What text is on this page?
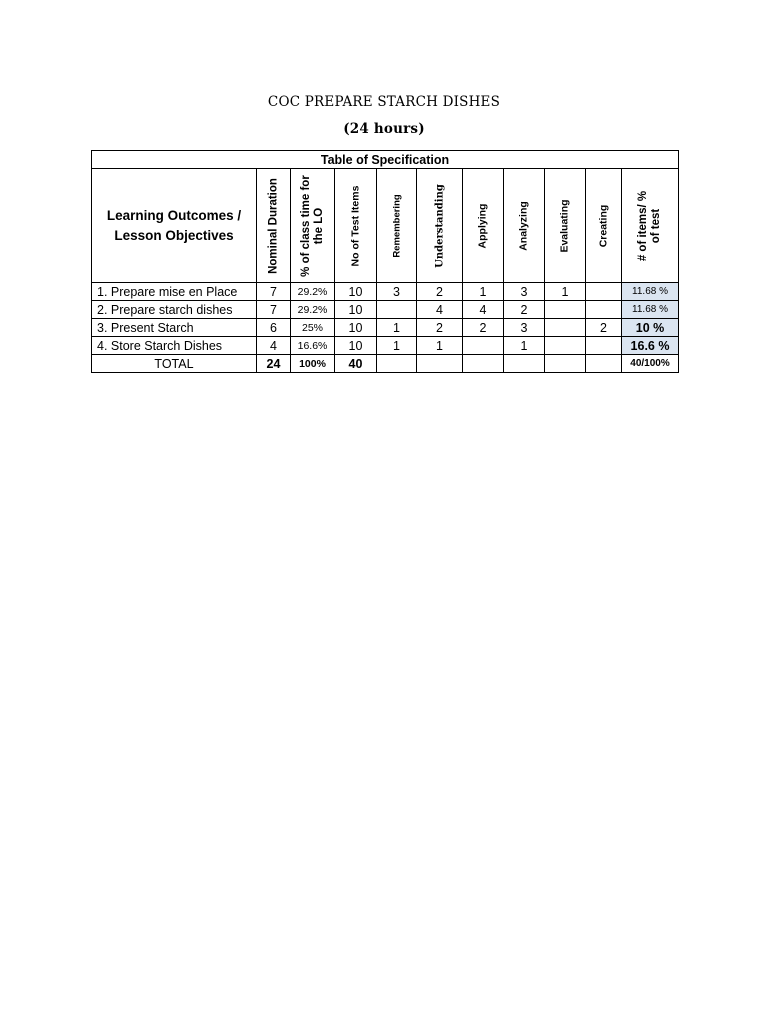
COC PREPARE STARCH DISHES
(24 hours)
Table of Specification										
Learning Outcomes / Lesson Objectives	Nominal Duration	% of class time for the LO	No of Test Items	Remembering	Understanding	Applying	Analyzing	Evaluating	Creating	# of items/ % of test

1. Prepare mise en Place	7	29.2%	10	3	2	1	3	1		11.68 %
2. Prepare starch dishes	7	29.2%	10		4	4	2			11.68 %
3. Present Starch	6	25%	10	1	2	2	3		2	10 %
4. Store Starch Dishes	4	16.6%	10	1	1		1			16.6 %
TOTAL	24	100%	40							40/100%
